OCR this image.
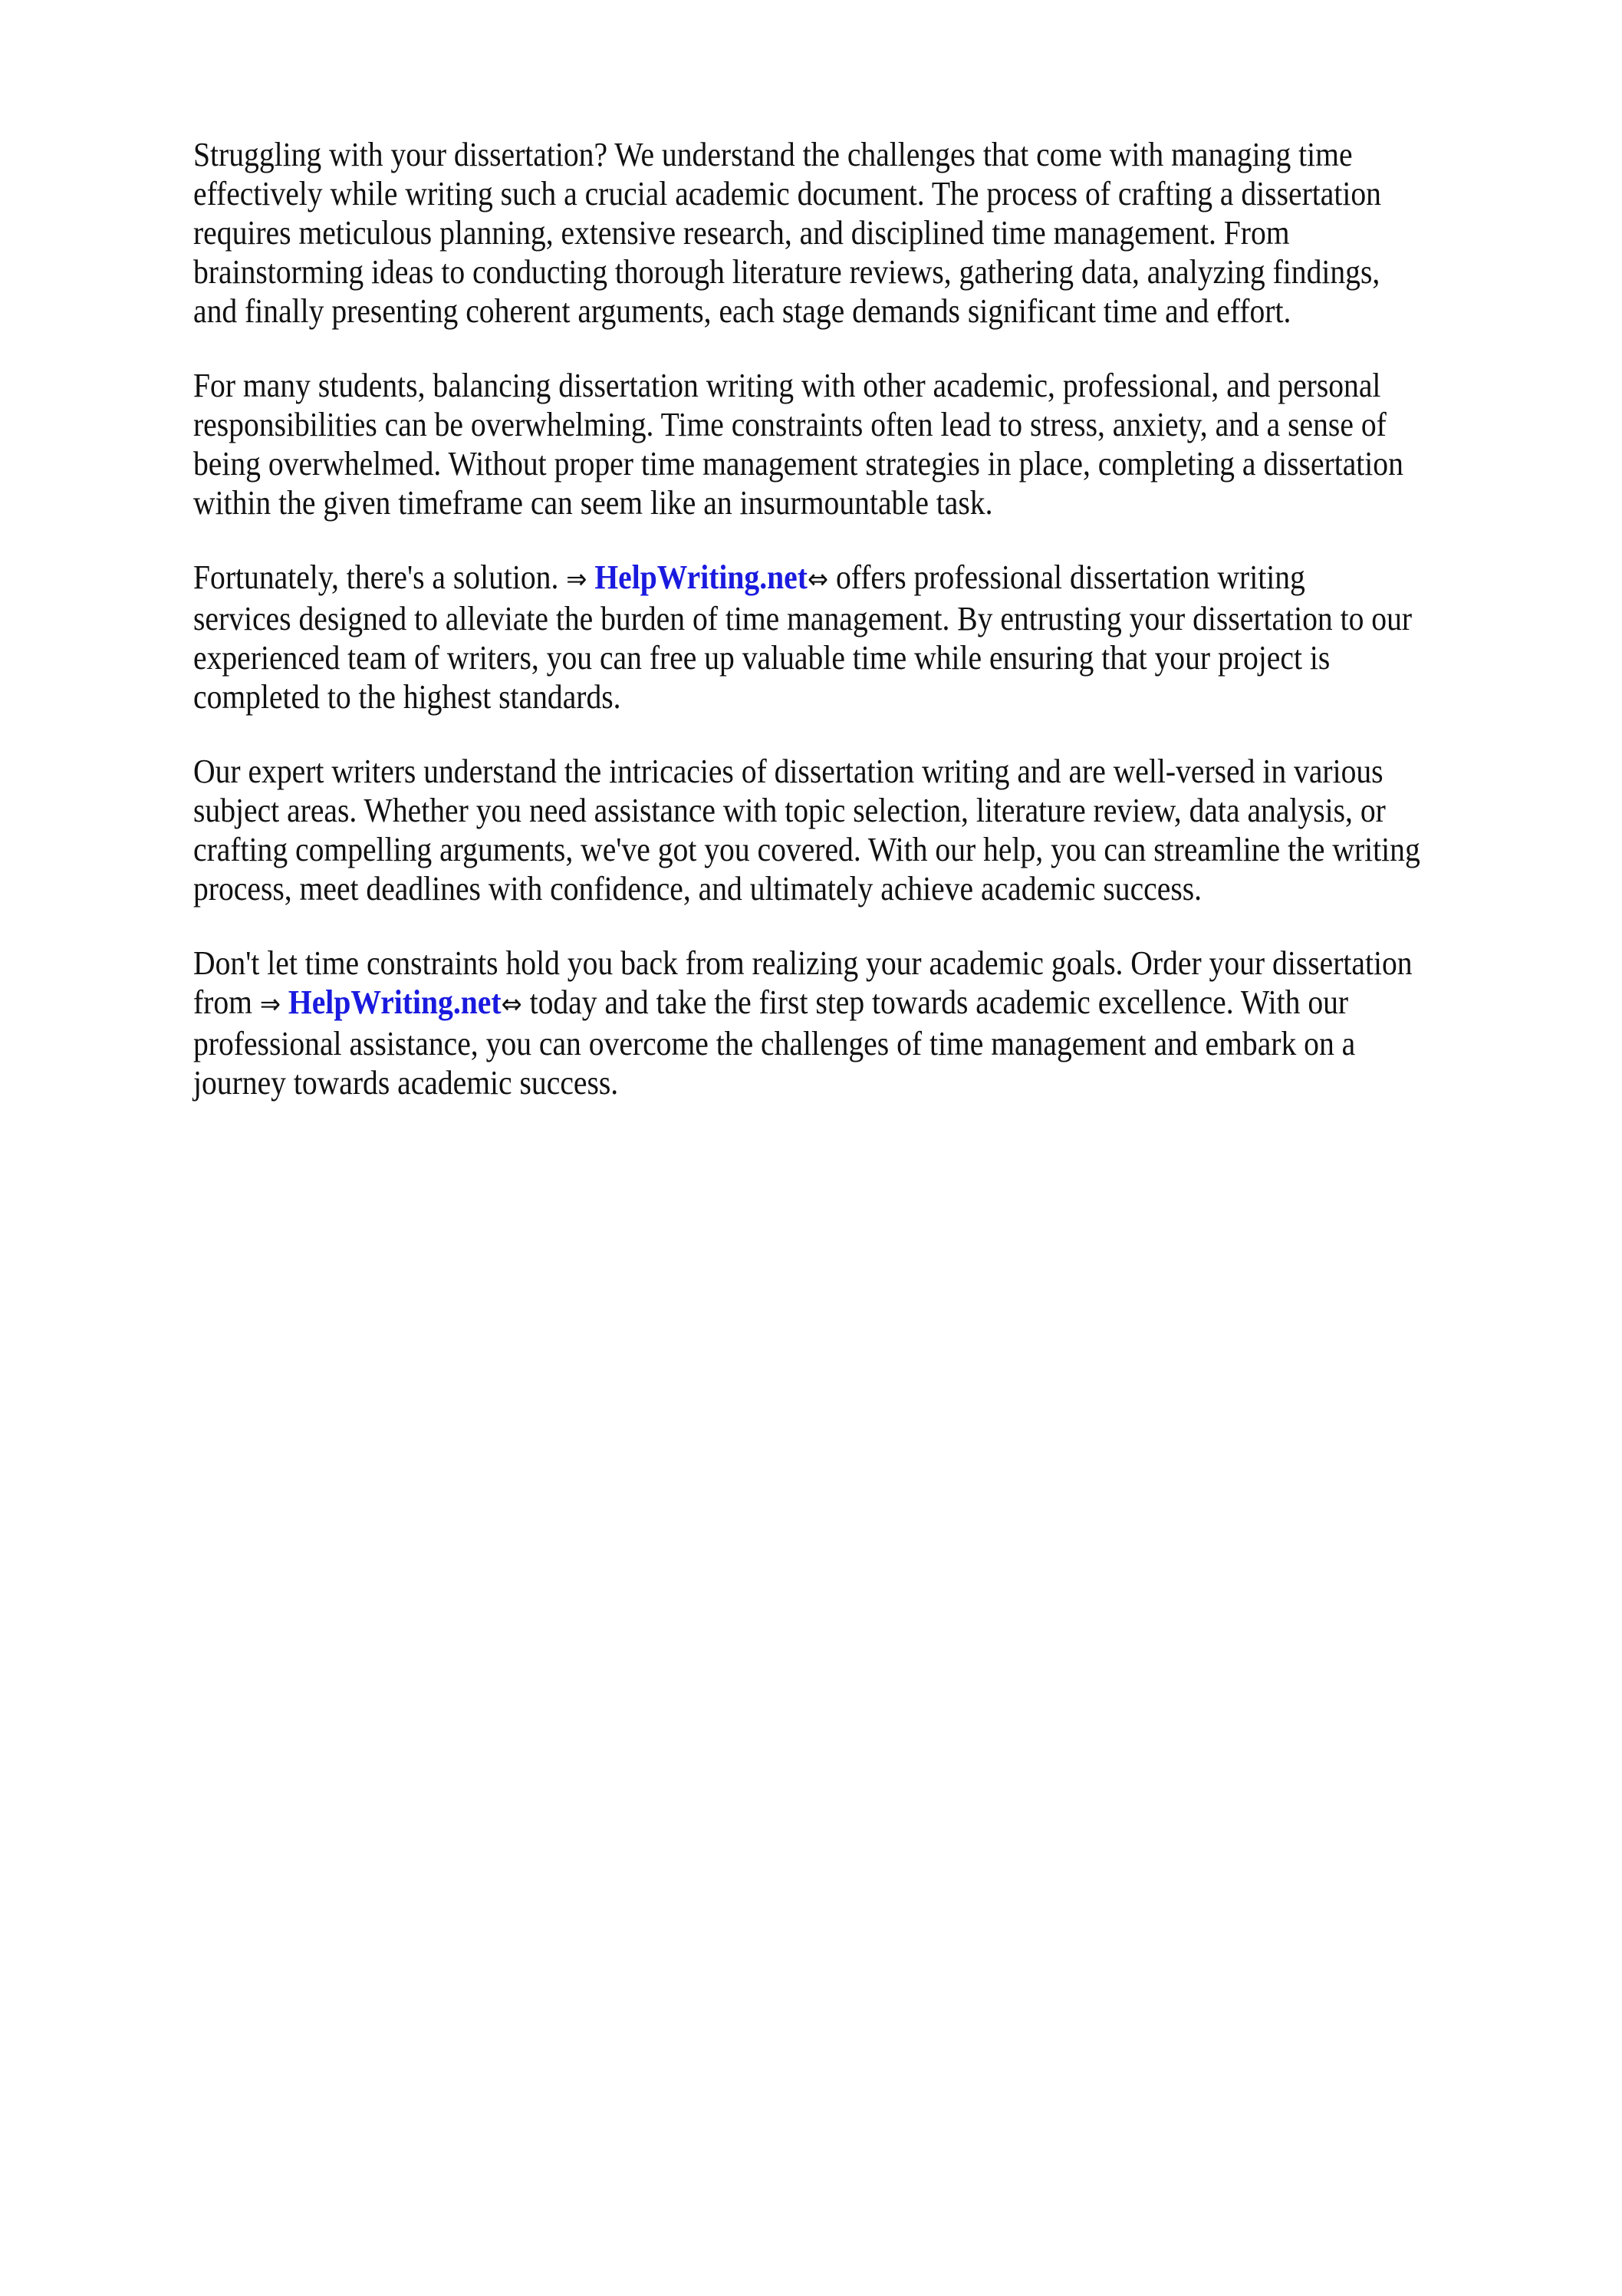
Struggling with your dissertation? We understand the challenges that come with managing time
effectively while writing such a crucial academic document. The process of crafting a dissertation
requires meticulous planning, extensive research, and disciplined time management. From
brainstorming ideas to conducting thorough literature reviews, gathering data, analyzing findings,
and finally presenting coherent arguments, each stage demands significant time and effort.

For many students, balancing dissertation writing with other academic, professional, and personal
responsibilities can be overwhelming. Time constraints often lead to stress, anxiety, and a sense of
being overwhelmed. Without proper time management strategies in place, completing a dissertation
within the given timeframe can seem like an insurmountable task.

Fortunately, there's a solution. ⇒ HelpWriting.net⇔ offers professional dissertation writing
services designed to alleviate the burden of time management. By entrusting your dissertation to our
experienced team of writers, you can free up valuable time while ensuring that your project is
completed to the highest standards.

Our expert writers understand the intricacies of dissertation writing and are well-versed in various
subject areas. Whether you need assistance with topic selection, literature review, data analysis, or
crafting compelling arguments, we've got you covered. With our help, you can streamline the writing
process, meet deadlines with confidence, and ultimately achieve academic success.

Don't let time constraints hold you back from realizing your academic goals. Order your dissertation
from ⇒ HelpWriting.net⇔ today and take the first step towards academic excellence. With our
professional assistance, you can overcome the challenges of time management and embark on a
journey towards academic success.
